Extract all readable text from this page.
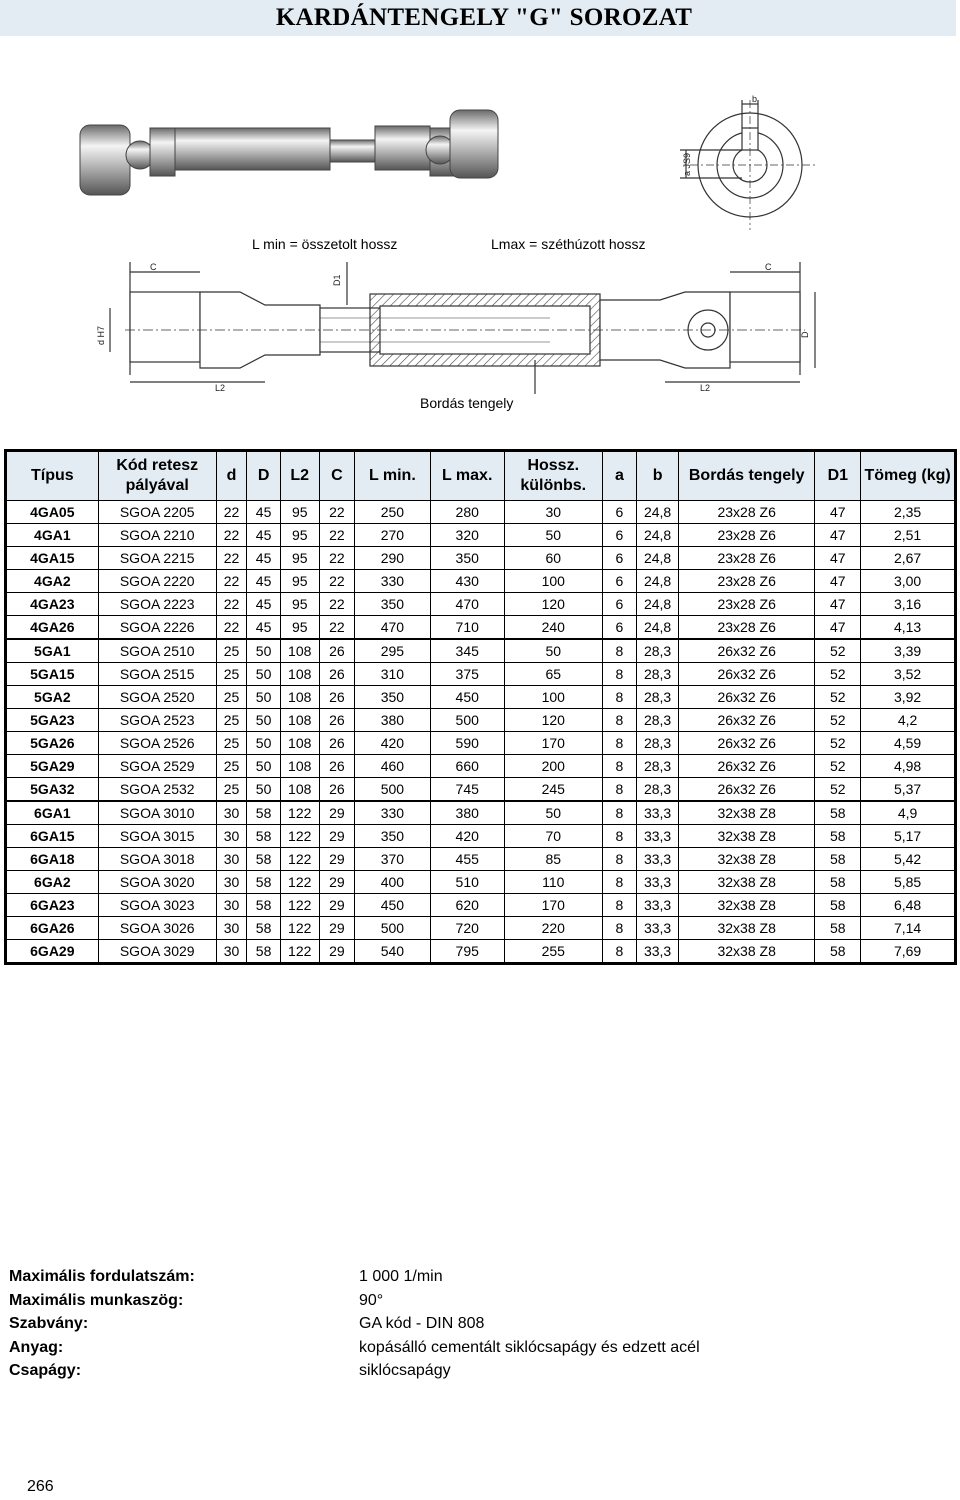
KARDÁNTENGELY "G" SOROZAT
b
a JS9
L min = összetolt hossz	Lmax = széthúzott hossz
C	C
D1
D
d H7
L2	L2
Bordás tengely
Típus	Kód retesz pályával	d	D	L2	C	L min.	L max.	Hossz. különbs.	a	b	Bordás tengely	D1	Tömeg (kg)
4GA05	SGOA 2205	22	45	95	22	250	280	30	6	24,8	23x28 Z6	47	2,35
4GA1	SGOA 2210	22	45	95	22	270	320	50	6	24,8	23x28 Z6	47	2,51
4GA15	SGOA 2215	22	45	95	22	290	350	60	6	24,8	23x28 Z6	47	2,67
4GA2	SGOA 2220	22	45	95	22	330	430	100	6	24,8	23x28 Z6	47	3,00
4GA23	SGOA 2223	22	45	95	22	350	470	120	6	24,8	23x28 Z6	47	3,16
4GA26	SGOA 2226	22	45	95	22	470	710	240	6	24,8	23x28 Z6	47	4,13
5GA1	SGOA 2510	25	50	108	26	295	345	50	8	28,3	26x32 Z6	52	3,39
5GA15	SGOA 2515	25	50	108	26	310	375	65	8	28,3	26x32 Z6	52	3,52
5GA2	SGOA 2520	25	50	108	26	350	450	100	8	28,3	26x32 Z6	52	3,92
5GA23	SGOA 2523	25	50	108	26	380	500	120	8	28,3	26x32 Z6	52	4,2
5GA26	SGOA 2526	25	50	108	26	420	590	170	8	28,3	26x32 Z6	52	4,59
5GA29	SGOA 2529	25	50	108	26	460	660	200	8	28,3	26x32 Z6	52	4,98
5GA32	SGOA 2532	25	50	108	26	500	745	245	8	28,3	26x32 Z6	52	5,37
6GA1	SGOA 3010	30	58	122	29	330	380	50	8	33,3	32x38 Z8	58	4,9
6GA15	SGOA 3015	30	58	122	29	350	420	70	8	33,3	32x38 Z8	58	5,17
6GA18	SGOA 3018	30	58	122	29	370	455	85	8	33,3	32x38 Z8	58	5,42
6GA2	SGOA 3020	30	58	122	29	400	510	110	8	33,3	32x38 Z8	58	5,85
6GA23	SGOA 3023	30	58	122	29	450	620	170	8	33,3	32x38 Z8	58	6,48
6GA26	SGOA 3026	30	58	122	29	500	720	220	8	33,3	32x38 Z8	58	7,14
6GA29	SGOA 3029	30	58	122	29	540	795	255	8	33,3	32x38 Z8	58	7,69
Maximális fordulatszám:	1 000 1/min
Maximális munkaszög:	90°
Szabvány:	GA kód - DIN 808
Anyag:	kopásálló cementált siklócsapágy és edzett acél
Csapágy:	siklócsapágy
266
